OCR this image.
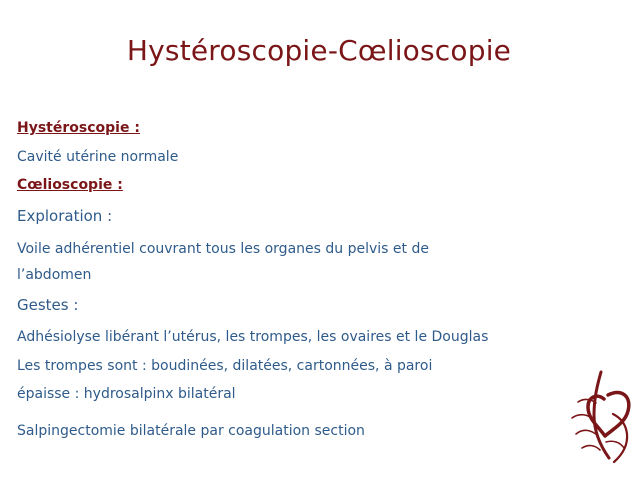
Hystéroscopie-Cœlioscopie
Hystéroscopie :
Cavité utérine normale
Cœlioscopie :
Exploration :
Voile adhérentiel couvrant tous les organes du pelvis et de
l’abdomen
Gestes :
Adhésiolyse libérant l’utérus, les trompes, les ovaires et le Douglas
Les trompes sont : boudinées, dilatées, cartonnées, à paroi
épaisse : hydrosalpinx bilatéral
Salpingectomie bilatérale par coagulation section
